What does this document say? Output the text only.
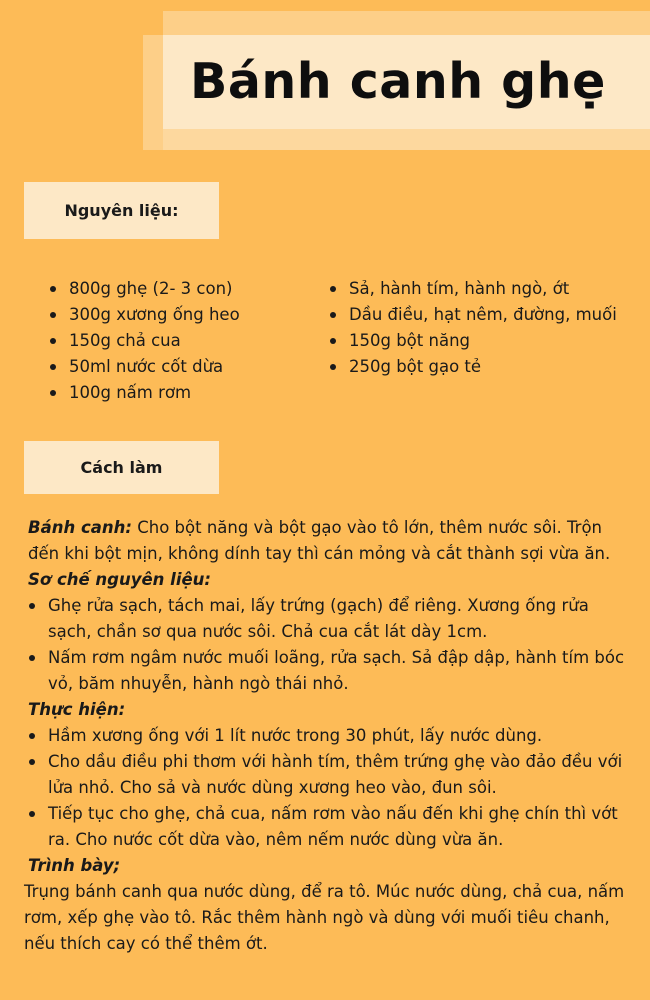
Bánh canh ghẹ
Nguyên liệu:
800g ghẹ (2- 3 con)
300g xương ống heo
150g chả cua
50ml nước cốt dừa
100g nấm rơm
Sả, hành tím, hành ngò, ớt
Dầu điều, hạt nêm, đường, muối
150g bột năng
250g bột gạo tẻ
Cách làm

Bánh canh: Cho bột năng và bột gạo vào tô lớn, thêm nước sôi. Trộn đến khi bột mịn, không dính tay thì cán mỏng và cắt thành sợi vừa ăn.

Sơ chế nguyên liệu:

Ghẹ rửa sạch, tách mai, lấy trứng (gạch) để riêng. Xương ống rửa sạch, chần sơ qua nước sôi. Chả cua cắt lát dày 1cm.
Nấm rơm ngâm nước muối loãng, rửa sạch. Sả đập dập, hành tím bóc vỏ, băm nhuyễn, hành ngò thái nhỏ.

Thực hiện:

Hầm xương ống với 1 lít nước trong 30 phút, lấy nước dùng.
Cho dầu điều phi thơm với hành tím, thêm trứng ghẹ vào đảo đều với lửa nhỏ. Cho sả và nước dùng xương heo vào, đun sôi.
Tiếp tục cho ghẹ, chả cua, nấm rơm vào nấu đến khi ghẹ chín thì vớt ra. Cho nước cốt dừa vào, nêm nếm nước dùng vừa ăn.

Trình bày;

Trụng bánh canh qua nước dùng, để ra tô. Múc nước dùng, chả cua, nấm rơm, xếp ghẹ vào tô. Rắc thêm hành ngò và dùng với muối tiêu chanh, nếu thích cay có thể thêm ớt.
